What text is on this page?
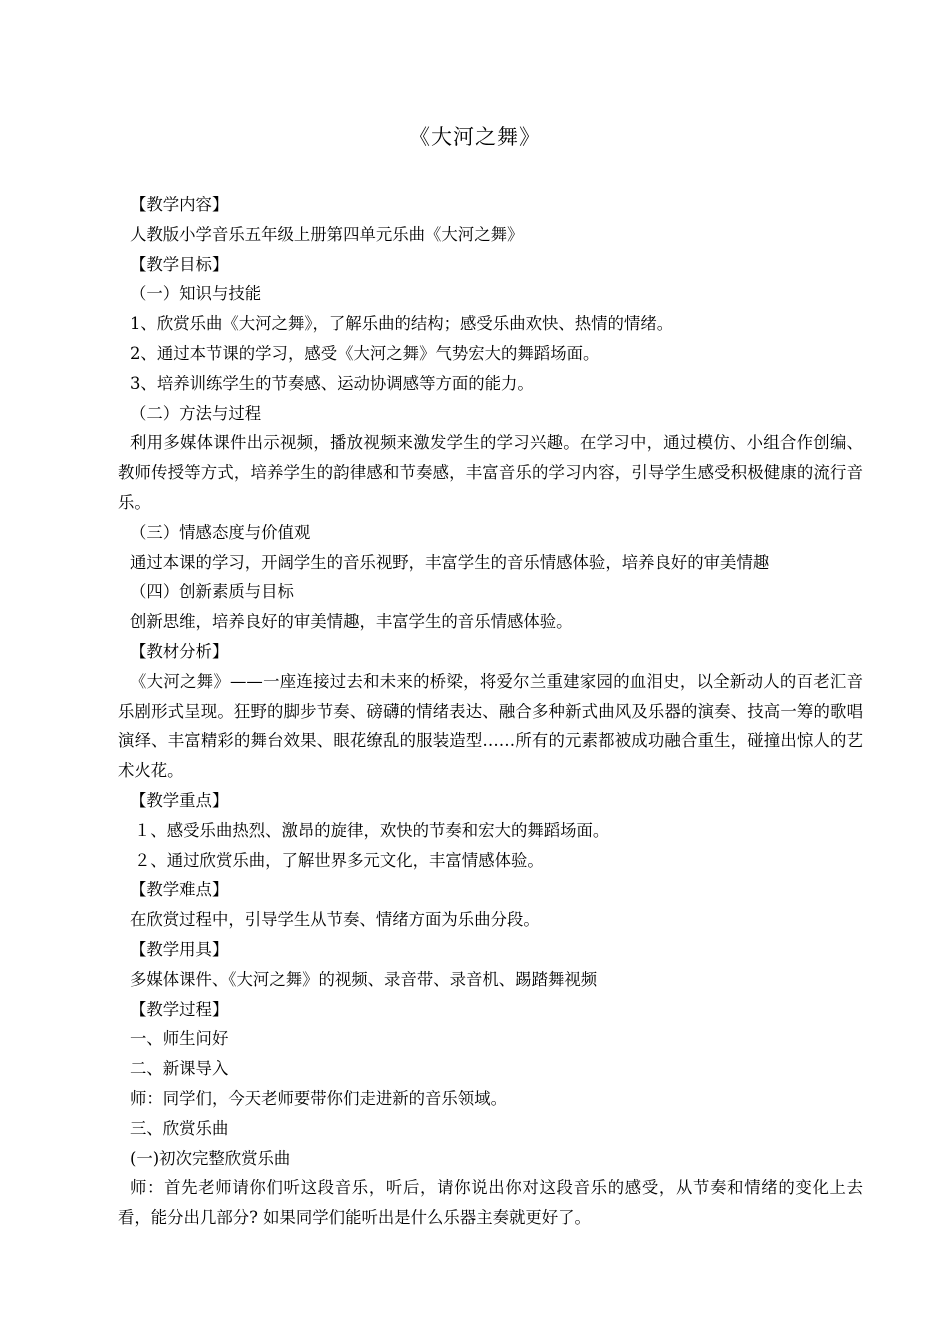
《大河之舞》

【教学内容】

人教版小学音乐五年级上册第四单元乐曲《大河之舞》

【教学目标】

（一）知识与技能

1、欣赏乐曲《大河之舞》，了解乐曲的结构；感受乐曲欢快、热情的情绪。

2、通过本节课的学习，感受《大河之舞》气势宏大的舞蹈场面。

3、培养训练学生的节奏感、运动协调感等方面的能力。

（二）方法与过程

利用多媒体课件出示视频，播放视频来激发学生的学习兴趣。在学习中，通过模仿、小组合作创编、教师传授等方式，培养学生的韵律感和节奏感，丰富音乐的学习内容，引导学生感受积极健康的流行音乐。

（三）情感态度与价值观

通过本课的学习，开阔学生的音乐视野，丰富学生的音乐情感体验，培养良好的审美情趣

（四）创新素质与目标

创新思维，培养良好的审美情趣，丰富学生的音乐情感体验。

【教材分析】

《大河之舞》——一座连接过去和未来的桥梁，将爱尔兰重建家园的血泪史，以全新动人的百老汇音乐剧形式呈现。狂野的脚步节奏、磅礴的情绪表达、融合多种新式曲风及乐器的演奏、技高一筹的歌唱演绎、丰富精彩的舞台效果、眼花缭乱的服装造型……所有的元素都被成功融合重生，碰撞出惊人的艺术火花。

【教学重点】

１、感受乐曲热烈、激昂的旋律，欢快的节奏和宏大的舞蹈场面。

２、通过欣赏乐曲，了解世界多元文化，丰富情感体验。

【教学难点】

在欣赏过程中，引导学生从节奏、情绪方面为乐曲分段。

【教学用具】

多媒体课件、《大河之舞》的视频、录音带、录音机、踢踏舞视频

【教学过程】

一、师生问好

二、新课导入

师：同学们，今天老师要带你们走进新的音乐领域。

三、欣赏乐曲

(一)初次完整欣赏乐曲

师：首先老师请你们听这段音乐，听后，请你说出你对这段音乐的感受，从节奏和情绪的变化上去看，能分出几部分? 如果同学们能听出是什么乐器主奏就更好了。
